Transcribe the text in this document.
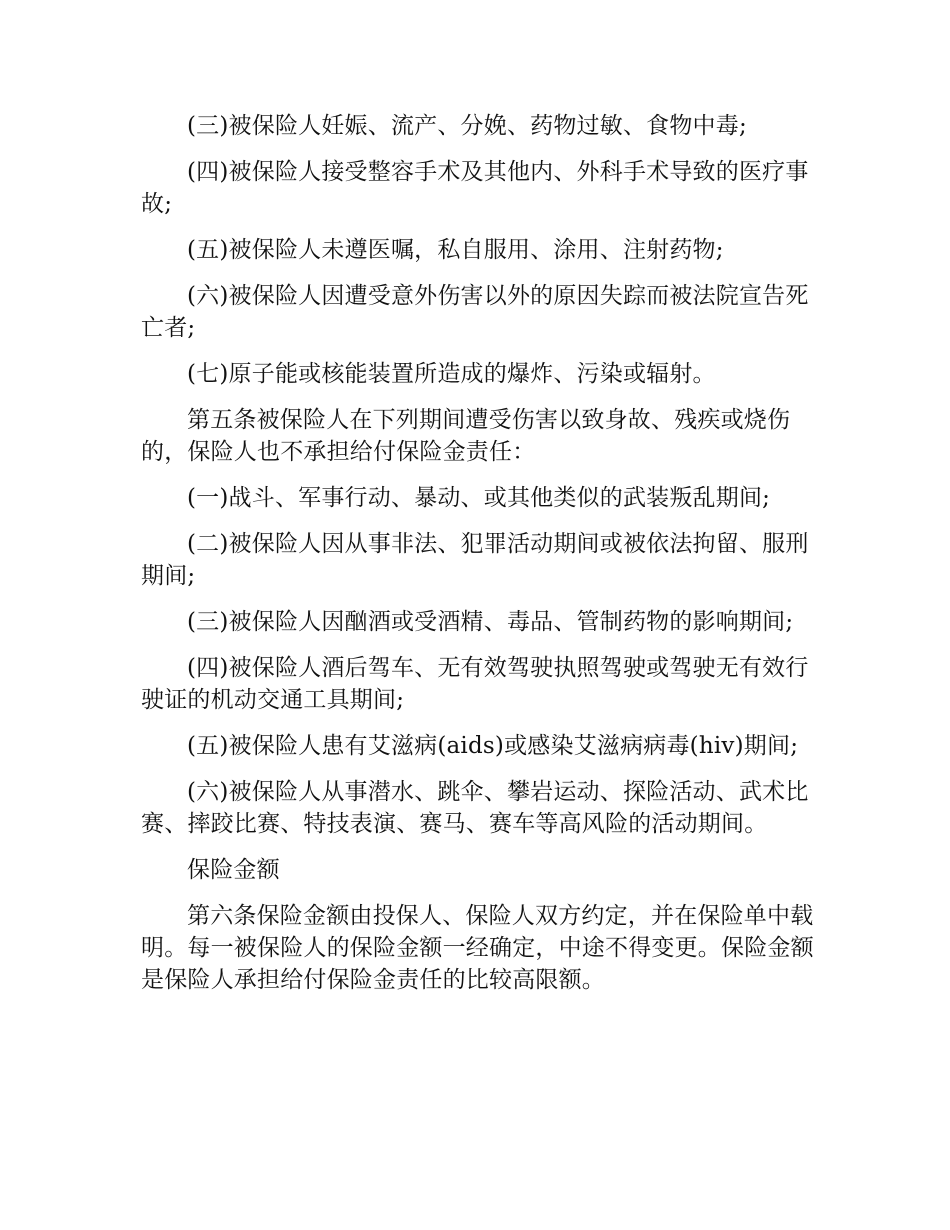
(三)被保险人妊娠、流产、分娩、药物过敏、食物中毒;

(四)被保险人接受整容手术及其他内、外科手术导致的医疗事故;

(五)被保险人未遵医嘱，私自服用、涂用、注射药物;

(六)被保险人因遭受意外伤害以外的原因失踪而被法院宣告死亡者;

(七)原子能或核能装置所造成的爆炸、污染或辐射。

第五条被保险人在下列期间遭受伤害以致身故、残疾或烧伤的，保险人也不承担给付保险金责任：

(一)战斗、军事行动、暴动、或其他类似的武装叛乱期间;

(二)被保险人因从事非法、犯罪活动期间或被依法拘留、服刑期间;

(三)被保险人因酗酒或受酒精、毒品、管制药物的影响期间;

(四)被保险人酒后驾车、无有效驾驶执照驾驶或驾驶无有效行驶证的机动交通工具期间;

(五)被保险人患有艾滋病(aids)或感染艾滋病病毒(hiv)期间;

(六)被保险人从事潜水、跳伞、攀岩运动、探险活动、武术比赛、摔跤比赛、特技表演、赛马、赛车等高风险的活动期间。

保险金额

第六条保险金额由投保人、保险人双方约定，并在保险单中载明。每一被保险人的保险金额一经确定，中途不得变更。保险金额是保险人承担给付保险金责任的比较高限额。
